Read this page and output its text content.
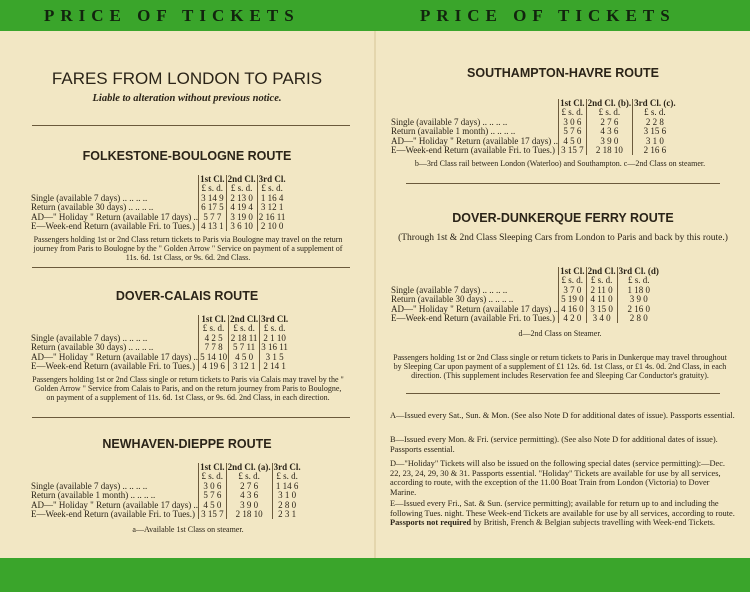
PRICE OF TICKETS	PRICE OF TICKETS
FARES FROM LONDON TO PARIS
Liable to alteration without previous notice.
FOLKESTONE-BOULOGNE ROUTE
	1st Cl.	2nd Cl.	3rd Cl.
	£ s. d.	£ s. d.	£ s. d.
Single (available 7 days) .. .. .. ..	3 14 9	2 13 0	1 16 4
Return (available 30 days) .. .. .. ..	6 17 5	4 19 4	3 12 1
AD—" Holiday " Return (available 17 days) ..	5 7 7	3 19 0	2 16 11
E—Week-end Return (available Fri. to Tues.)	4 13 1	3 6 10	2 10 0
Passengers holding 1st or 2nd Class return tickets to Paris via Boulogne may travel on the return journey from Paris to Boulogne by the " Golden Arrow " Service on payment of a supplement of 11s. 6d. 1st Class, or 9s. 6d. 2nd Class.
DOVER-CALAIS ROUTE
	1st Cl.	2nd Cl.	3rd Cl.
	£ s. d.	£ s. d.	£ s. d.
Single (available 7 days) .. .. .. ..	4 2 5	2 18 11	2 1 10
Return (available 30 days) .. .. .. ..	7 7 8	5 7 11	3 16 11
AD—" Holiday " Return (available 17 days) ..	5 14 10	4 5 0	3 1 5
E—Week-end Return (available Fri. to Tues.)	4 19 6	3 12 1	2 14 1
Passengers holding 1st or 2nd Class single or return tickets to Paris via Calais may travel by the " Golden Arrow " Service from Calais to Paris, and on the return journey from Paris to Boulogne, on payment of a supplement of 11s. 6d. 1st Class, or 9s. 6d. 2nd Class, in each direction.
NEWHAVEN-DIEPPE ROUTE
	1st Cl.	2nd Cl. (a).	3rd Cl.
	£ s. d.	£ s. d.	£ s. d.
Single (available 7 days) .. .. .. ..	3 0 6	2 7 6	1 14 6
Return (available 1 month) .. .. .. ..	5 7 6	4 3 6	3 1 0
AD—" Holiday " Return (available 17 days) ..	4 5 0	3 9 0	2 8 0
E—Week-end Return (available Fri. to Tues.)	3 15 7	2 18 10	2 3 1
a—Available 1st Class on steamer.
SOUTHAMPTON-HAVRE ROUTE
	1st Cl.	2nd Cl. (b).	3rd Cl. (c).
	£ s. d.	£ s. d.	£ s. d.
Single (available 7 days) .. .. .. ..	3 0 6	2 7 6	2 2 8
Return (available 1 month) .. .. .. ..	5 7 6	4 3 6	3 15 6
AD—" Holiday " Return (available 17 days) ..	4 5 0	3 9 0	3 1 0
E—Week-end Return (available Fri. to Tues.)	3 15 7	2 18 10	2 16 6
b—3rd Class rail between London (Waterloo) and Southampton. c—2nd Class on steamer.
DOVER-DUNKERQUE FERRY ROUTE
(Through 1st & 2nd Class Sleeping Cars from London to Paris and back by this route.)
	1st Cl.	2nd Cl.	3rd Cl. (d)
	£ s. d.	£ s. d.	£ s. d.
Single (available 7 days) .. .. .. ..	3 7 0	2 11 0	1 18 0
Return (available 30 days) .. .. .. ..	5 19 0	4 11 0	3 9 0
AD—" Holiday " Return (available 17 days) ..	4 16 0	3 15 0	2 16 0
E—Week-end Return (available Fri. to Tues.)	4 2 0	3 4 0	2 8 0
d—2nd Class on Steamer.
Passengers holding 1st or 2nd Class single or return tickets to Paris in Dunkerque may travel throughout by Sleeping Car upon payment of a supplement of £1 12s. 6d. 1st Class, or £1 4s. 0d. 2nd Class, in each direction. (This supplement includes Reservation fee and Sleeping Car Conductor's gratuity).
A—Issued every Sat., Sun. & Mon. (See also Note D for additional dates of issue). Passports essential.
B—Issued every Mon. & Fri. (service permitting). (See also Note D for additional dates of issue). Passports essential.
D—"Holiday" Tickets will also be issued on the following special dates (service permitting):—Dec. 22, 23, 24, 29, 30 & 31. Passports essential. "Holiday" Tickets are available for use by all services, according to route, with the exception of the 11.00 Boat Train from London (Victoria) to Dover Marine.
E—Issued every Fri., Sat. & Sun. (service permitting); available for return up to and including the following Tues. night. These Week-end Tickets are available for use by all services, according to route. Passports not required by British, French & Belgian subjects travelling with Week-end Tickets.
